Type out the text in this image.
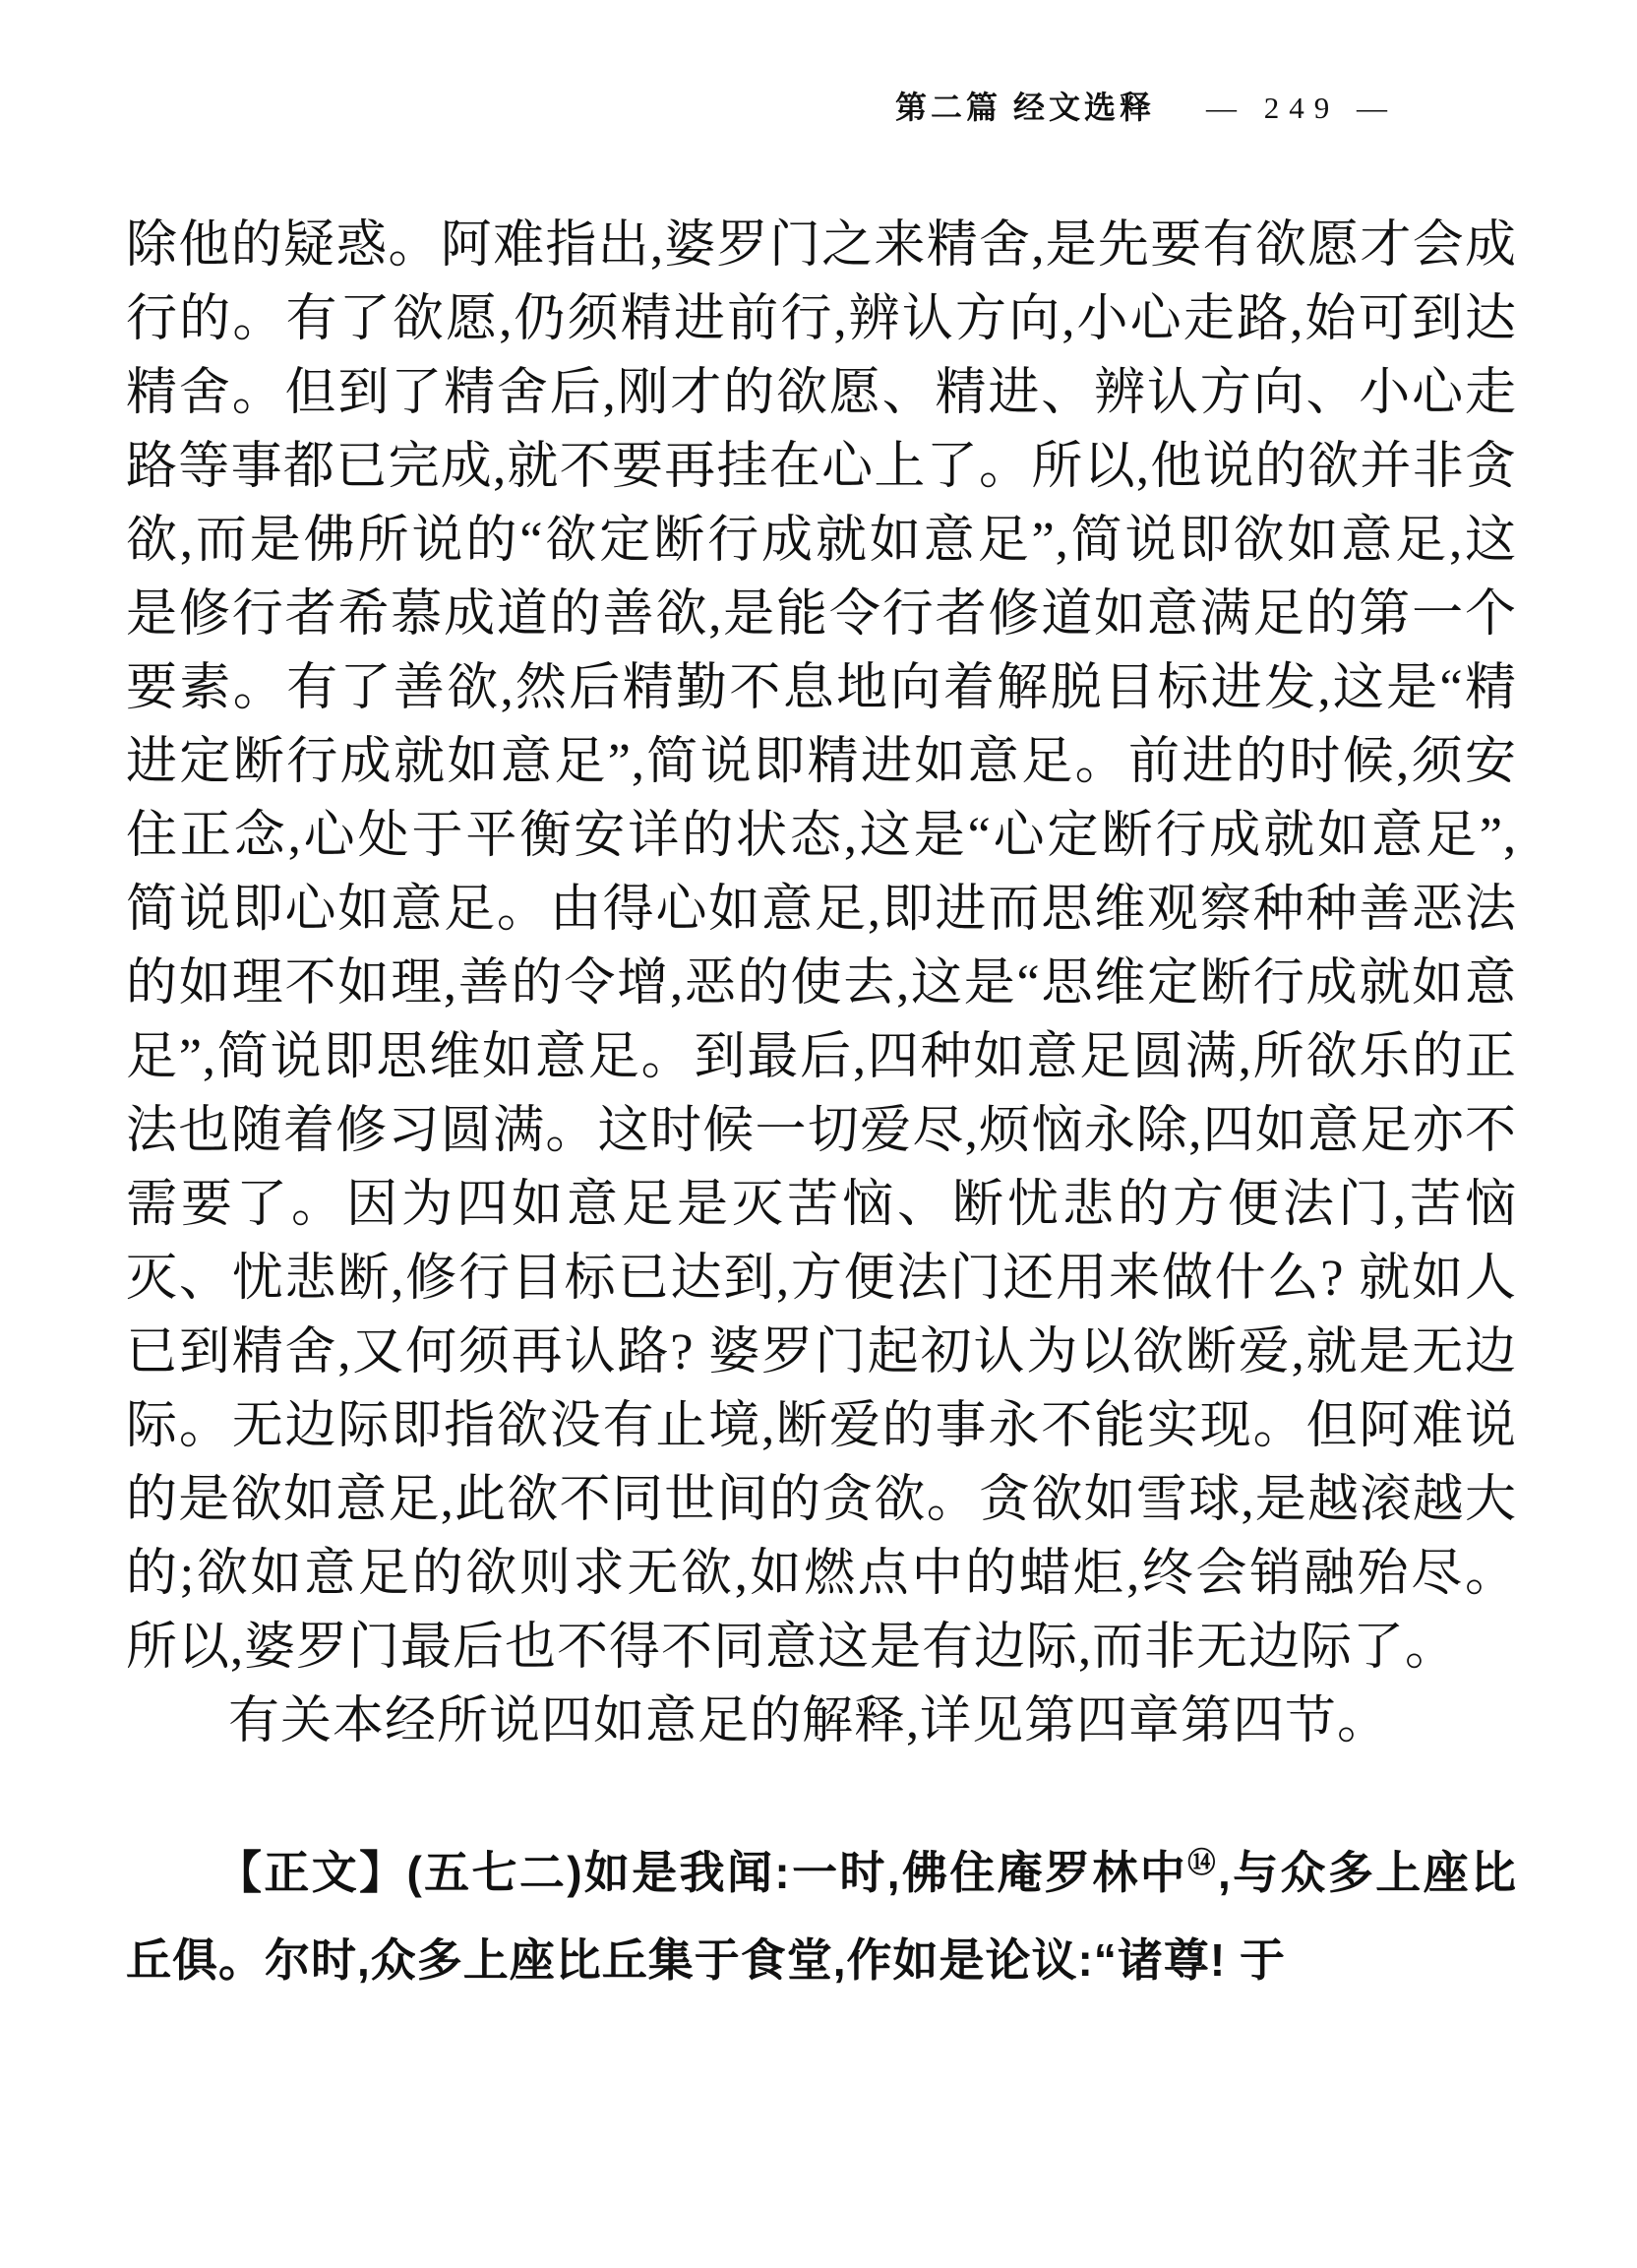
第二篇 经文选释 — 249 —

除他的疑惑。阿难指出,婆罗门之来精舍,是先要有欲愿才会成行的。有了欲愿,仍须精进前行,辨认方向,小心走路,始可到达精舍。但到了精舍后,刚才的欲愿、精进、辨认方向、小心走路等事都已完成,就不要再挂在心上了。所以,他说的欲并非贪欲,而是佛所说的“欲定断行成就如意足”,简说即欲如意足,这是修行者希慕成道的善欲,是能令行者修道如意满足的第一个要素。有了善欲,然后精勤不息地向着解脱目标进发,这是“精进定断行成就如意足”,简说即精进如意足。前进的时候,须安住正念,心处于平衡安详的状态,这是“心定断行成就如意足”,简说即心如意足。由得心如意足,即进而思维观察种种善恶法的如理不如理,善的令增,恶的使去,这是“思维定断行成就如意足”,简说即思维如意足。到最后,四种如意足圆满,所欲乐的正法也随着修习圆满。这时候一切爱尽,烦恼永除,四如意足亦不需要了。因为四如意足是灭苦恼、断忧悲的方便法门,苦恼灭、忧悲断,修行目标已达到,方便法门还用来做什么? 就如人已到精舍,又何须再认路? 婆罗门起初认为以欲断爱,就是无边际。无边际即指欲没有止境,断爱的事永不能实现。但阿难说的是欲如意足,此欲不同世间的贪欲。贪欲如雪球,是越滚越大的;欲如意足的欲则求无欲,如燃点中的蜡炬,终会销融殆尽。所以,婆罗门最后也不得不同意这是有边际,而非无边际了。

有关本经所说四如意足的解释,详见第四章第四节。

【正文】(五七二)如是我闻:一时,佛住庵罗林中⑭,与众多上座比丘俱。尔时,众多上座比丘集于食堂,作如是论议:“诸尊! 于
